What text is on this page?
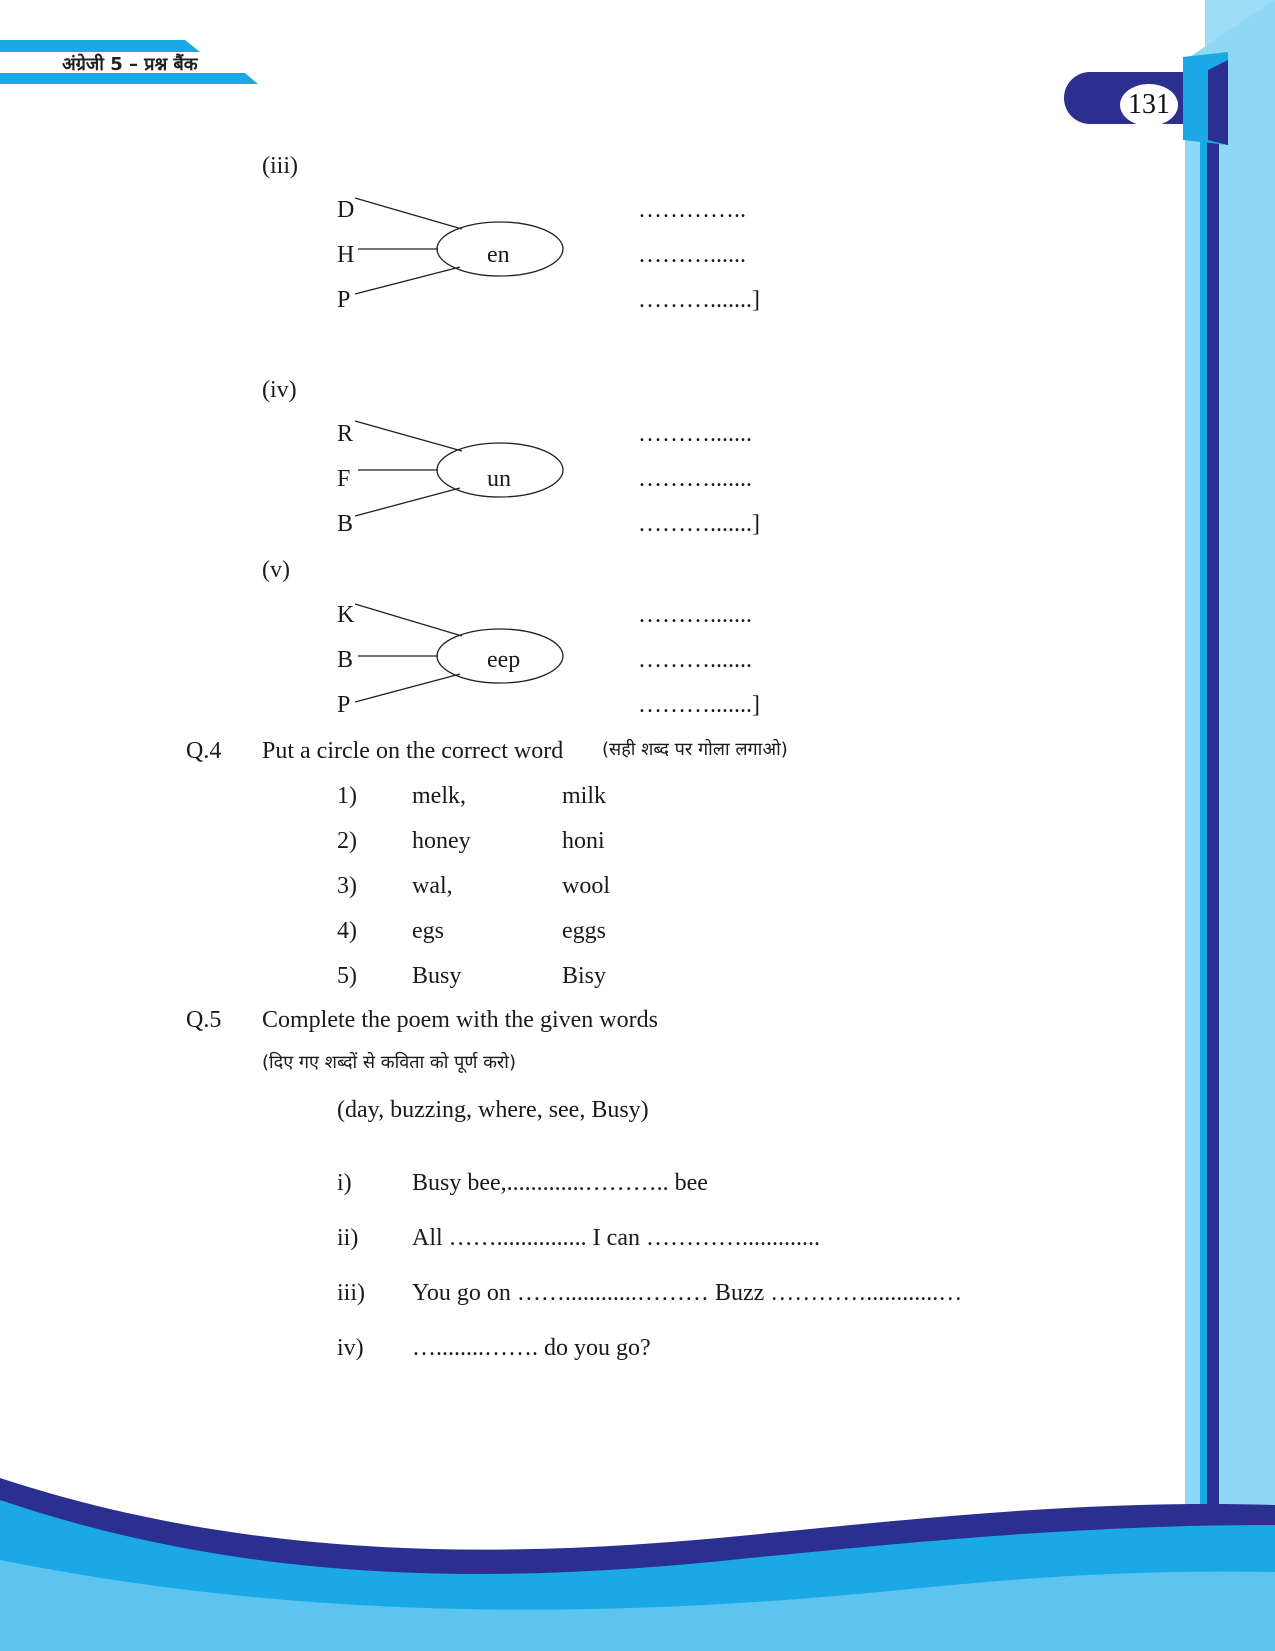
अंग्रेजी 5 – प्रश्न बैंक
131
(iii)
D
H
P
en
…………..
………......
……….......]
(iv)
R
F
B
un
……….......
……….......
……….......]
(v)
K
B
P
eep
……….......
……….......
……….......]
Q.4 Put a circle on the correct word (सही शब्द पर गोला लगाओ)
1) melk,	milk
2) honey	honi
3) wal,	wool
4) egs	eggs
5) Busy	Bisy
Q.5 Complete the poem with the given words
(दिए गए शब्दों से कविता को पूर्ण करो)
(day, buzzing, where, see, Busy)
i)	Busy bee,.............……….. bee
ii) All ……............... I can ………….............
iii) You go on ……............……… Buzz …………............…
iv) …........……. do you go?
